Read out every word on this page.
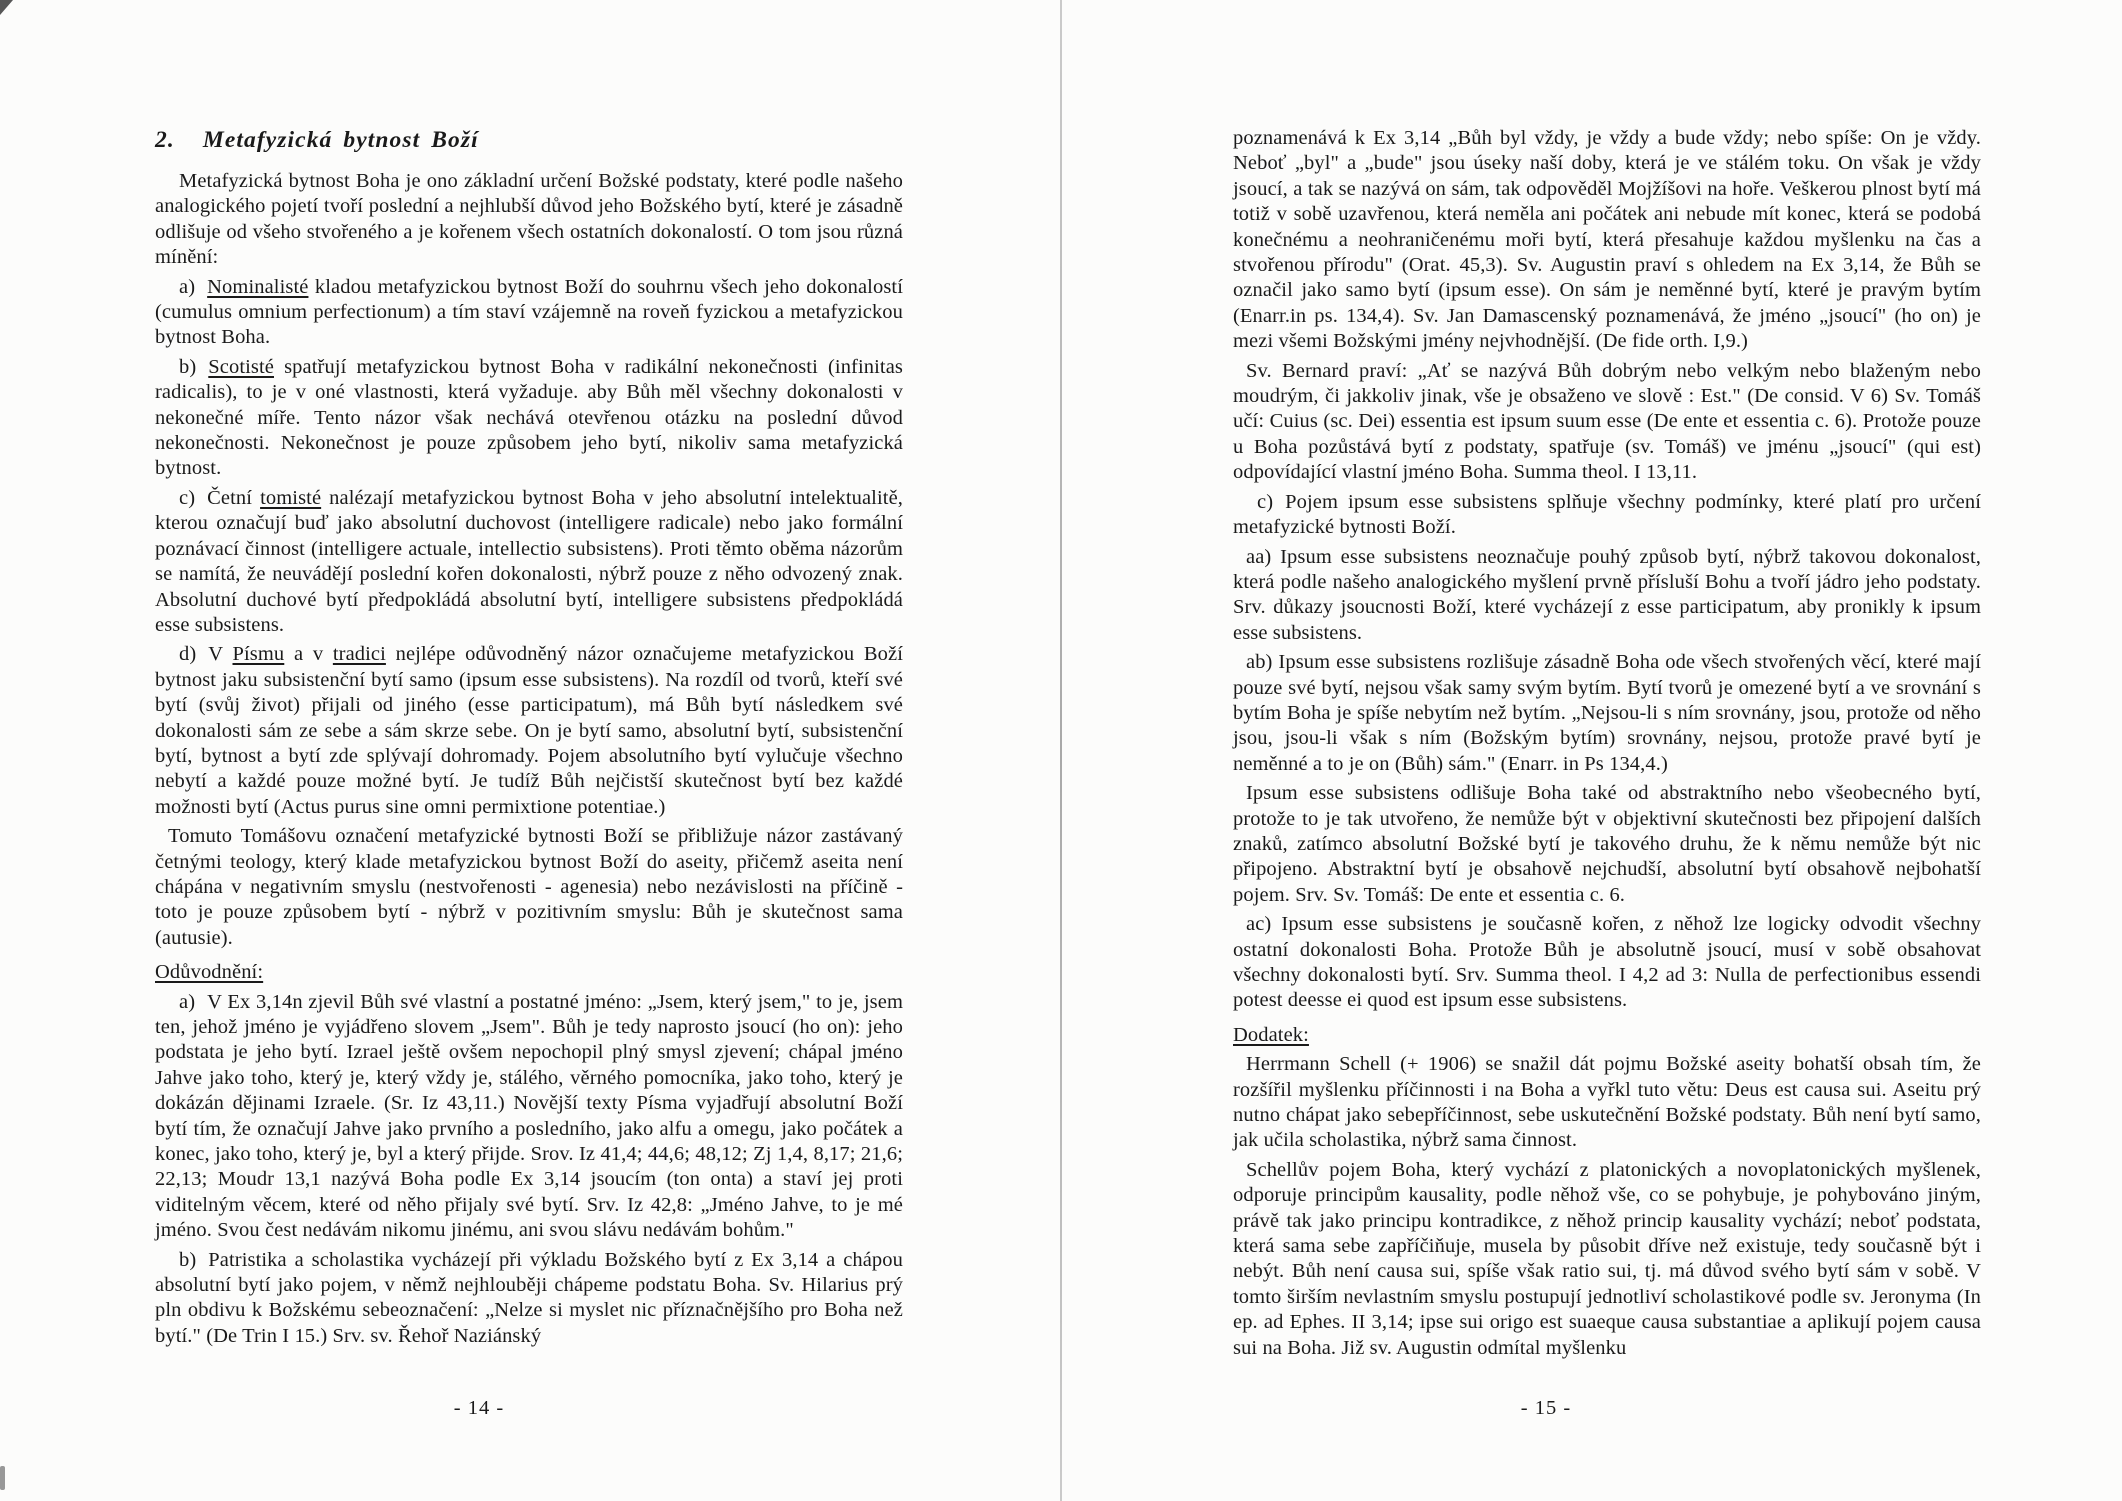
2. Metafyzická bytnost Boží

Metafyzická bytnost Boha je ono základní určení Božské podstaty, které podle našeho analogického pojetí tvoří poslední a nejhlubší důvod jeho Božského bytí, které je zásadně odlišuje od všeho stvořeného a je kořenem všech ostatních dokonalostí. O tom jsou různá mínění:

a) Nominalisté kladou metafyzickou bytnost Boží do souhrnu všech jeho dokonalostí (cumulus omnium perfectionum) a tím staví vzájemně na roveň fyzickou a metafyzickou bytnost Boha.

b) Scotisté spatřují metafyzickou bytnost Boha v radikální nekonečnosti (infinitas radicalis), to je v oné vlastnosti, která vyžaduje. aby Bůh měl všechny dokonalosti v nekonečné míře. Tento názor však nechává otevřenou otázku na poslední důvod nekonečnosti. Nekonečnost je pouze způsobem jeho bytí, nikoliv sama metafyzická bytnost.

c) Četní tomisté nalézají metafyzickou bytnost Boha v jeho absolutní intelektualitě, kterou označují buď jako absolutní duchovost (intelligere radicale) nebo jako formální poznávací činnost (intelligere actuale, intellectio subsistens). Proti těmto oběma názorům se namítá, že neuvádějí poslední kořen dokonalosti, nýbrž pouze z něho odvozený znak. Absolutní duchové bytí předpokládá absolutní bytí, intelligere subsistens předpokládá esse subsistens.

d) V Písmu a v tradici nejlépe odůvodněný názor označujeme metafyzickou Boží bytnost jaku subsistenční bytí samo (ipsum esse subsistens). Na rozdíl od tvorů, kteří své bytí (svůj život) přijali od jiného (esse participatum), má Bůh bytí následkem své dokonalosti sám ze sebe a sám skrze sebe. On je bytí samo, absolutní bytí, subsistenční bytí, bytnost a bytí zde splývají dohromady. Pojem absolutního bytí vylučuje všechno nebytí a každé pouze možné bytí. Je tudíž Bůh nejčistší skutečnost bytí bez každé možnosti bytí (Actus purus sine omni permixtione potentiae.)

Tomuto Tomášovu označení metafyzické bytnosti Boží se přibližuje názor zastávaný četnými teology, který klade metafyzickou bytnost Boží do aseity, přičemž aseita není chápána v negativním smyslu (nestvořenosti - agenesia) nebo nezávislosti na příčině - toto je pouze způsobem bytí - nýbrž v pozitivním smyslu: Bůh je skutečnost sama (autusie).

Odůvodnění:

a) V Ex 3,14n zjevil Bůh své vlastní a postatné jméno: „Jsem, který jsem," to je, jsem ten, jehož jméno je vyjádřeno slovem „Jsem". Bůh je tedy naprosto jsoucí (ho on): jeho podstata je jeho bytí. Izrael ještě ovšem nepochopil plný smysl zjevení; chápal jméno Jahve jako toho, který je, který vždy je, stálého, věrného pomocníka, jako toho, který je dokázán dějinami Izraele. (Sr. Iz 43,11.) Novější texty Písma vyjadřují absolutní Boží bytí tím, že označují Jahve jako prvního a posledního, jako alfu a omegu, jako počátek a konec, jako toho, který je, byl a který přijde. Srov. Iz 41,4; 44,6; 48,12; Zj 1,4, 8,17; 21,6; 22,13; Moudr 13,1 nazývá Boha podle Ex 3,14 jsoucím (ton onta) a staví jej proti viditelným věcem, které od něho přijaly své bytí. Srv. Iz 42,8: „Jméno Jahve, to je mé jméno. Svou čest nedávám nikomu jinému, ani svou slávu nedávám bohům."

b) Patristika a scholastika vycházejí při výkladu Božského bytí z Ex 3,14 a chápou absolutní bytí jako pojem, v němž nejhlouběji chápeme podstatu Boha. Sv. Hilarius prý pln obdivu k Božskému sebeoznačení: „Nelze si myslet nic příznačnějšího pro Boha než bytí." (De Trin I 15.) Srv. sv. Řehoř Naziánský

- 14 -

poznamenává k Ex 3,14 „Bůh byl vždy, je vždy a bude vždy; nebo spíše: On je vždy. Neboť „byl" a „bude" jsou úseky naší doby, která je ve stálém toku. On však je vždy jsoucí, a tak se nazývá on sám, tak odpověděl Mojžíšovi na hoře. Veškerou plnost bytí má totiž v sobě uzavřenou, která neměla ani počátek ani nebude mít konec, která se podobá konečnému a neohraničenému moři bytí, která přesahuje každou myšlenku na čas a stvořenou přírodu" (Orat. 45,3). Sv. Augustin praví s ohledem na Ex 3,14, že Bůh se označil jako samo bytí (ipsum esse). On sám je neměnné bytí, které je pravým bytím (Enarr.in ps. 134,4). Sv. Jan Damascenský poznamenává, že jméno „jsoucí" (ho on) je mezi všemi Božskými jmény nejvhodnější. (De fide orth. I,9.)

Sv. Bernard praví: „Ať se nazývá Bůh dobrým nebo velkým nebo blaženým nebo moudrým, či jakkoliv jinak, vše je obsaženo ve slově : Est." (De consid. V 6) Sv. Tomáš učí: Cuius (sc. Dei) essentia est ipsum suum esse (De ente et essentia c. 6). Protože pouze u Boha pozůstává bytí z podstaty, spatřuje (sv. Tomáš) ve jménu „jsoucí" (qui est) odpovídající vlastní jméno Boha. Summa theol. I 13,11.

c) Pojem ipsum esse subsistens splňuje všechny podmínky, které platí pro určení metafyzické bytnosti Boží.

aa) Ipsum esse subsistens neoznačuje pouhý způsob bytí, nýbrž takovou dokonalost, která podle našeho analogického myšlení prvně přísluší Bohu a tvoří jádro jeho podstaty. Srv. důkazy jsoucnosti Boží, které vycházejí z esse participatum, aby pronikly k ipsum esse subsistens.

ab) Ipsum esse subsistens rozlišuje zásadně Boha ode všech stvořených věcí, které mají pouze své bytí, nejsou však samy svým bytím. Bytí tvorů je omezené bytí a ve srovnání s bytím Boha je spíše nebytím než bytím. „Nejsou-li s ním srovnány, jsou, protože od něho jsou, jsou-li však s ním (Božským bytím) srovnány, nejsou, protože pravé bytí je neměnné a to je on (Bůh) sám." (Enarr. in Ps 134,4.)

Ipsum esse subsistens odlišuje Boha také od abstraktního nebo všeobecného bytí, protože to je tak utvořeno, že nemůže být v objektivní skutečnosti bez připojení dalších znaků, zatímco absolutní Božské bytí je takového druhu, že k němu nemůže být nic připojeno. Abstraktní bytí je obsahově nejchudší, absolutní bytí obsahově nejbohatší pojem. Srv. Sv. Tomáš: De ente et essentia c. 6.

ac) Ipsum esse subsistens je současně kořen, z něhož lze logicky odvodit všechny ostatní dokonalosti Boha. Protože Bůh je absolutně jsoucí, musí v sobě obsahovat všechny dokonalosti bytí. Srv. Summa theol. I 4,2 ad 3: Nulla de perfectionibus essendi potest deesse ei quod est ipsum esse subsistens.

Dodatek:

Herrmann Schell (+ 1906) se snažil dát pojmu Božské aseity bohatší obsah tím, že rozšířil myšlenku příčinnosti i na Boha a vyřkl tuto větu: Deus est causa sui. Aseitu prý nutno chápat jako sebepříčinnost, sebe uskutečnění Božské podstaty. Bůh není bytí samo, jak učila scholastika, nýbrž sama činnost.

Schellův pojem Boha, který vychází z platonických a novoplatonických myšlenek, odporuje principům kausality, podle něhož vše, co se pohybuje, je pohybováno jiným, právě tak jako principu kontradikce, z něhož princip kausality vychází; neboť podstata, která sama sebe zapříčiňuje, musela by působit dříve než existuje, tedy současně být i nebýt. Bůh není causa sui, spíše však ratio sui, tj. má důvod svého bytí sám v sobě. V tomto širším nevlastním smyslu postupují jednotliví scholastikové podle sv. Jeronyma (In ep. ad Ephes. II 3,14; ipse sui origo est suaeque causa substantiae a aplikují pojem causa sui na Boha. Již sv. Augustin odmítal myšlenku

- 15 -
